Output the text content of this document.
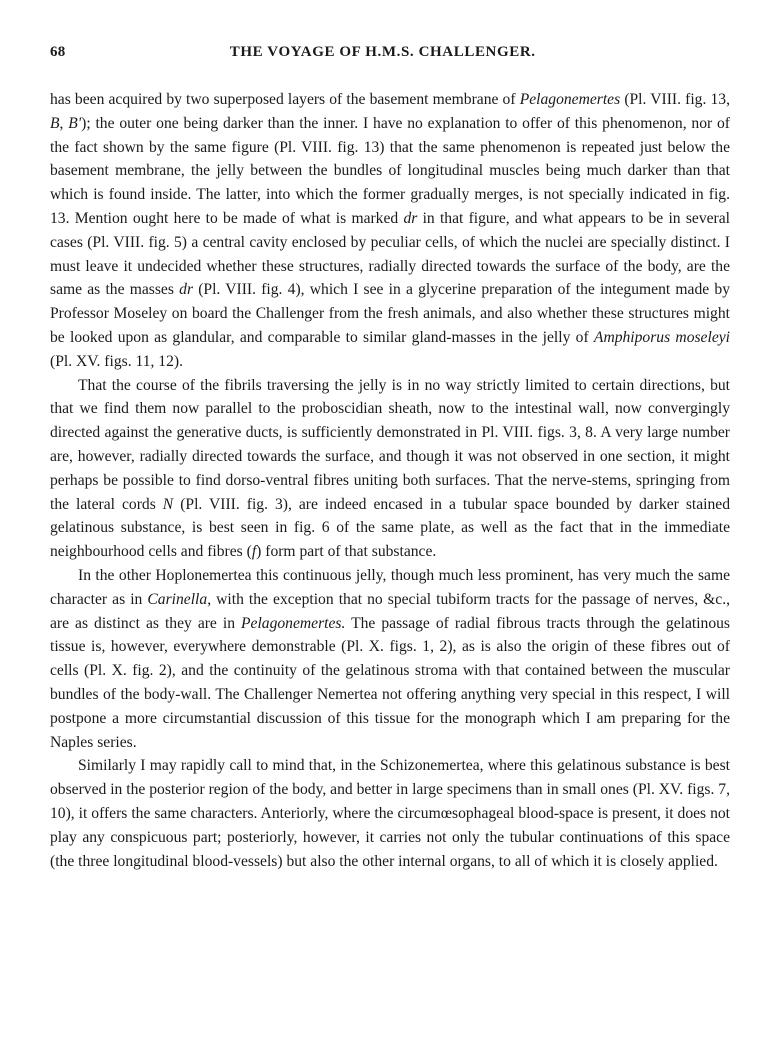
68	THE VOYAGE OF H.M.S. CHALLENGER.

has been acquired by two superposed layers of the basement membrane of Pelagonemertes (Pl. VIII. fig. 13, B, B'); the outer one being darker than the inner. I have no explanation to offer of this phenomenon, nor of the fact shown by the same figure (Pl. VIII. fig. 13) that the same phenomenon is repeated just below the basement membrane, the jelly between the bundles of longitudinal muscles being much darker than that which is found inside. The latter, into which the former gradually merges, is not specially indicated in fig. 13. Mention ought here to be made of what is marked dr in that figure, and what appears to be in several cases (Pl. VIII. fig. 5) a central cavity enclosed by peculiar cells, of which the nuclei are specially distinct. I must leave it undecided whether these structures, radially directed towards the surface of the body, are the same as the masses dr (Pl. VIII. fig. 4), which I see in a glycerine preparation of the integument made by Professor Moseley on board the Challenger from the fresh animals, and also whether these structures might be looked upon as glandular, and comparable to similar gland-masses in the jelly of Amphiporus moseleyi (Pl. XV. figs. 11, 12).

That the course of the fibrils traversing the jelly is in no way strictly limited to certain directions, but that we find them now parallel to the proboscidian sheath, now to the intestinal wall, now convergingly directed against the generative ducts, is sufficiently demonstrated in Pl. VIII. figs. 3, 8. A very large number are, however, radially directed towards the surface, and though it was not observed in one section, it might perhaps be possible to find dorso-ventral fibres uniting both surfaces. That the nerve-stems, springing from the lateral cords N (Pl. VIII. fig. 3), are indeed encased in a tubular space bounded by darker stained gelatinous substance, is best seen in fig. 6 of the same plate, as well as the fact that in the immediate neighbourhood cells and fibres (f) form part of that substance.

In the other Hoplonemertea this continuous jelly, though much less prominent, has very much the same character as in Carinella, with the exception that no special tubiform tracts for the passage of nerves, &c., are as distinct as they are in Pelagonemertes. The passage of radial fibrous tracts through the gelatinous tissue is, however, everywhere demonstrable (Pl. X. figs. 1, 2), as is also the origin of these fibres out of cells (Pl. X. fig. 2), and the continuity of the gelatinous stroma with that contained between the muscular bundles of the body-wall. The Challenger Nemertea not offering anything very special in this respect, I will postpone a more circumstantial discussion of this tissue for the monograph which I am preparing for the Naples series.

Similarly I may rapidly call to mind that, in the Schizonemertea, where this gelatinous substance is best observed in the posterior region of the body, and better in large specimens than in small ones (Pl. XV. figs. 7, 10), it offers the same characters. Anteriorly, where the circumœsophageal blood-space is present, it does not play any conspicuous part; posteriorly, however, it carries not only the tubular continuations of this space (the three longitudinal blood-vessels) but also the other internal organs, to all of which it is closely applied.
